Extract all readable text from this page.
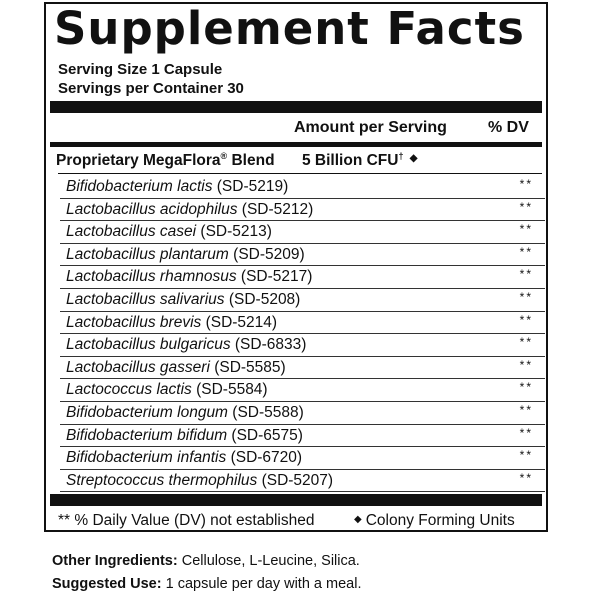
Supplement Facts
Serving Size 1 Capsule
Servings per Container 30
Amount per Serving	% DV
Proprietary MegaFlora® Blend 5 Billion CFU† ◆
Bifidobacterium lactis (SD-5219)	**
Lactobacillus acidophilus (SD-5212)	**
Lactobacillus casei (SD-5213)	**
Lactobacillus plantarum (SD-5209)	**
Lactobacillus rhamnosus (SD-5217)	**
Lactobacillus salivarius (SD-5208)	**
Lactobacillus brevis (SD-5214)	**
Lactobacillus bulgaricus (SD-6833)	**
Lactobacillus gasseri (SD-5585)	**
Lactococcus lactis (SD-5584)	**
Bifidobacterium longum (SD-5588)	**
Bifidobacterium bifidum (SD-6575)	**
Bifidobacterium infantis (SD-6720)	**
Streptococcus thermophilus (SD-5207)	**
** % Daily Value (DV) not established	◆ Colony Forming Units
Other Ingredients: Cellulose, L-Leucine, Silica.
Suggested Use: 1 capsule per day with a meal.
